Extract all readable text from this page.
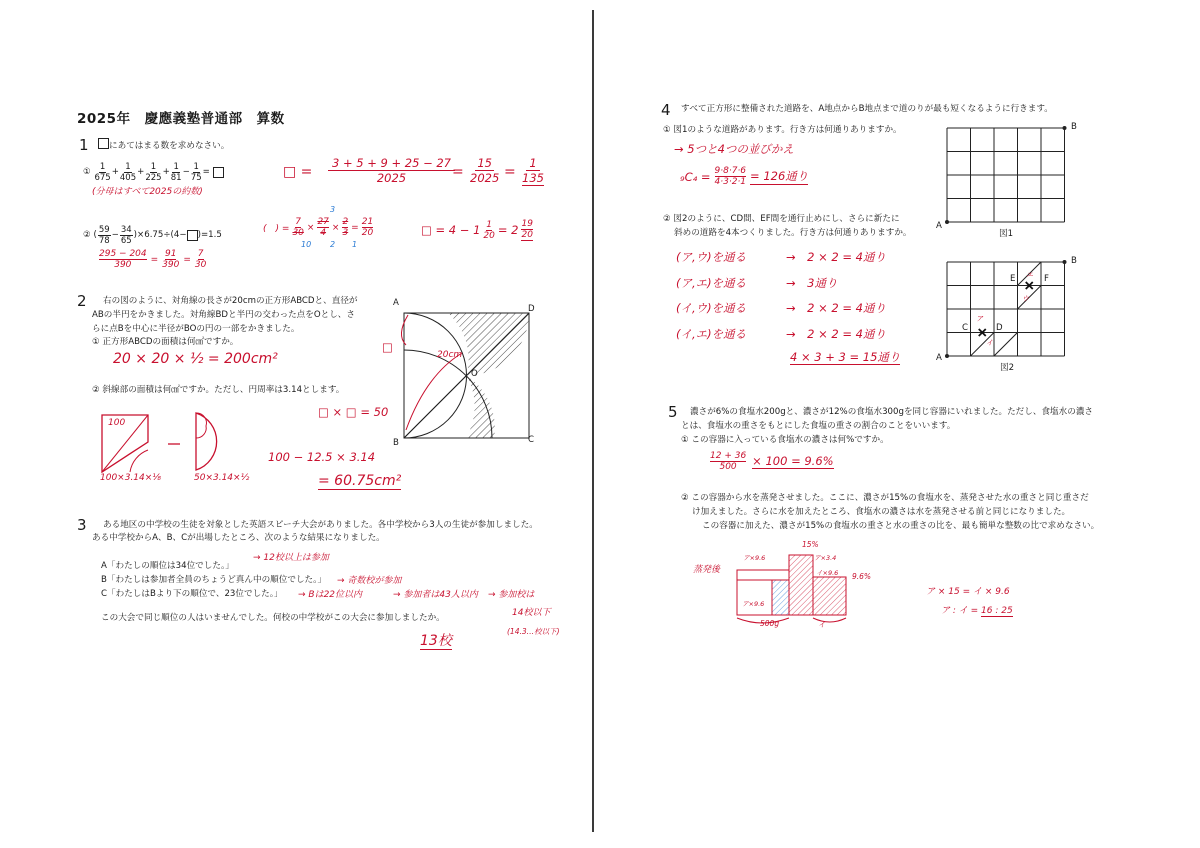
2025年　慶應義塾普通部　算数
1	にあてはまる数を求めなさい。
①
$\frac{1}{675} + \frac{1}{405} + \frac{1}{225} + \frac{1}{81} - \frac{1}{75}$ =

(分母はすべて2025の約数)
□ =
3 + 5 + 9 + 25 − 27
2025	=
15
2025 =
1
135
②
( $\frac{59}{78} - \frac{34}{65} )\times 6.75\div(4- )=1.5$
$\frac{295 - 204}{390} = \frac{91}{390} = \frac{7}{30}$
(　) = $\frac{7}{30} \times \frac{27}{4} \times \frac{2}{3} = \frac{21}{20}$
3
10 2 1
□ = $4 - 1 \frac{1}{20} = 2$ 19
20
2 右の図のように、対角線の長さが20cmの正方形ABCDと、直径が
ABの半円をかきました。対角線BDと半円の交わった点をOとし、さ
らに点Bを中心に半径がBOの円の一部をかきました。
① 正方形ABCDの面積は何㎠ですか。
20 × 20 × ½ = 200cm²
② 斜線部の面積は何㎠ですか。ただし、円周率は3.14とします。
□ × □ = 50
100 − 12.5 × 3.14
= 60.75cm²
100
50×3.14×½
100×3.14×⅛
A
B	C
D
O
20cm
□
3 ある地区の中学校の生徒を対象とした英語スピーチ大会がありました。各中学校から3人の生徒が参加しました。
ある中学校からA、B、Cが出場したところ、次のような結果になりました。
A「わたしの順位は34位でした。」
B「わたしは参加者全員のちょうど真ん中の順位でした。」
C「わたしはBより下の順位で、23位でした。」
→ 12校以上は参加
→ 奇数校が参加
→ Bは22位以内	→ 参加者は43人以内 → 参加校は
14校以下
(14.3…校以下)
この大会で同じ順位の人はいませんでした。何校の中学校がこの大会に参加しましたか。
13校
4 すべて正方形に整備された道路を、A地点からB地点まで道のりが最も短くなるように行きます。
① 図1のような道路があります。行き方は何通りありますか。
→ 5つと4つの並びかえ
$_9C_4 = \frac{9\cdot 8\cdot 7\cdot 6}{4\cdot 3\cdot 2\cdot 1} = 126$通り
A
B
図1
② 図2のように、CD間、EF間を通行止めにし、さらに新たに
斜めの道路を4本つくりました。行き方は何通りありますか。
(ア,ウ)を通る	→　2 × 2 = 4通り
(ア,エ)を通る	→　3通り
(イ,ウ)を通る	→　2 × 2 = 4通り
(イ,エ)を通る	→　2 × 2 = 4通り
4 × 3 + 3 = 15通り	A
B
C	D
E	F
ア
イ
ウ
エ
図2
5 濃さが6%の食塩水200gと、濃さが12%の食塩水300gを同じ容器にいれました。ただし、食塩水の濃さ
とは、食塩水の重さをもとにした食塩の重さの割合のことをいいます。
① この容器に入っている食塩水の濃さは何%ですか。
$\frac{12 + 36}{500} \times 100 = 9.6\%$
② この容器から水を蒸発させました。ここに、濃さが15%の食塩水を、蒸発させた水の重さと同じ重さだ
け加えました。さらに水を加えたところ、食塩水の濃さは水を蒸発させる前と同じになりました。
この容器に加えた、濃さが15%の食塩水の重さと水の重さの比を、最も簡単な整数の比で求めなさい。
蒸発後
15%
ア×9.6	ア×3.4
イ×9.6 9.6%
ア×9.6
500g	イ
ア × 15 = イ × 9.6
ア : イ = 16 : 25
